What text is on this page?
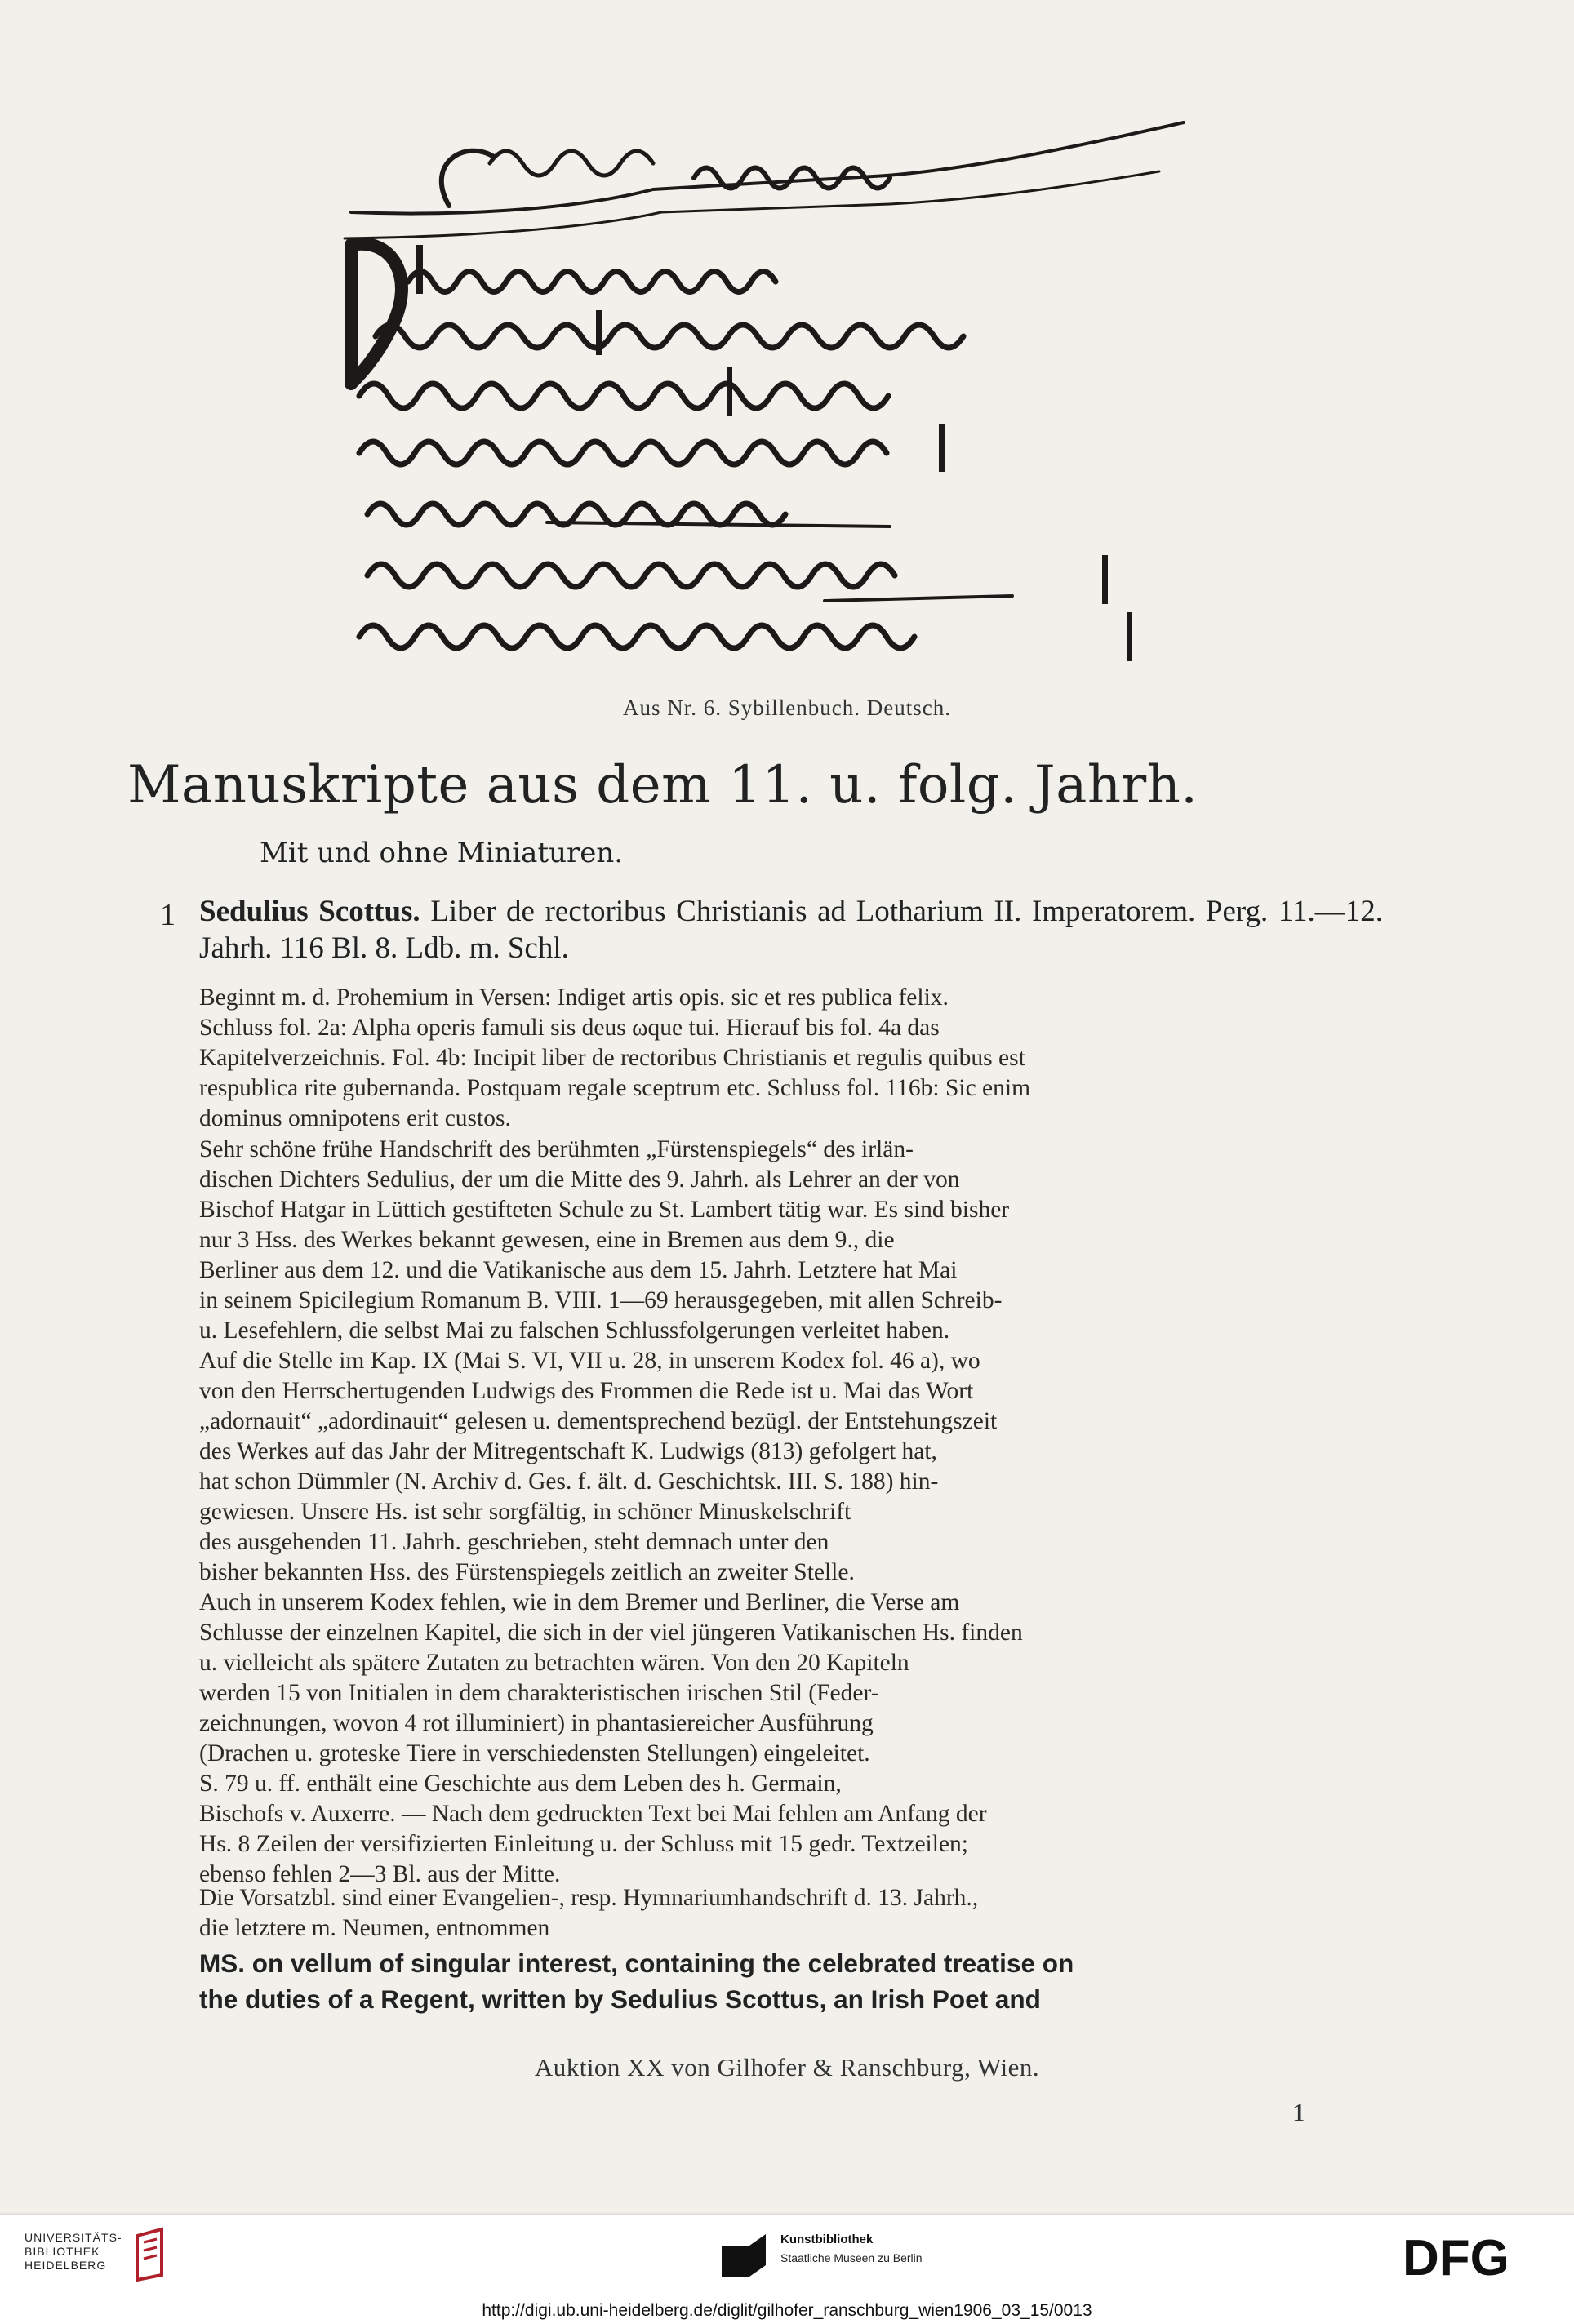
Aus Nr. 6. Sybillenbuch. Deutsch.
Manuskripte aus dem 11. u. folg. Jahrh.
Mit und ohne Miniaturen.
1 Sedulius Scottus. Liber de rectoribus Christianis ad Lotharium II. Imperatorem. Perg. 11.—12. Jahrh. 116 Bl. 8. Ldb. m. Schl.
Beginnt m. d. Prohemium in Versen: Indiget artis opis. sic et res publica felix.
Schluss fol. 2a: Alpha operis famuli sis deus ωque tui. Hierauf bis fol. 4a das
Kapitelverzeichnis. Fol. 4b: Incipit liber de rectoribus Christianis et regulis quibus est
respublica rite gubernanda. Postquam regale sceptrum etc. Schluss fol. 116b: Sic enim
dominus omnipotens erit custos.
Sehr schöne frühe Handschrift des berühmten „Fürstenspiegels“ des irlän-
dischen Dichters Sedulius, der um die Mitte des 9. Jahrh. als Lehrer an der von
Bischof Hatgar in Lüttich gestifteten Schule zu St. Lambert tätig war. Es sind bisher
nur 3 Hss. des Werkes bekannt gewesen, eine in Bremen aus dem 9., die
Berliner aus dem 12. und die Vatikanische aus dem 15. Jahrh. Letztere hat Mai
in seinem Spicilegium Romanum B. VIII. 1—69 herausgegeben, mit allen Schreib-
u. Lesefehlern, die selbst Mai zu falschen Schlussfolgerungen verleitet haben.
Auf die Stelle im Kap. IX (Mai S. VI, VII u. 28, in unserem Kodex fol. 46 a), wo
von den Herrschertugenden Ludwigs des Frommen die Rede ist u. Mai das Wort
„adornauit“ „adordinauit“ gelesen u. dementsprechend bezügl. der Entstehungszeit
des Werkes auf das Jahr der Mitregentschaft K. Ludwigs (813) gefolgert hat,
hat schon Dümmler (N. Archiv d. Ges. f. ält. d. Geschichtsk. III. S. 188) hin-
gewiesen. Unsere Hs. ist sehr sorgfältig, in schöner Minuskelschrift
des ausgehenden 11. Jahrh. geschrieben, steht demnach unter den
bisher bekannten Hss. des Fürstenspiegels zeitlich an zweiter Stelle.
Auch in unserem Kodex fehlen, wie in dem Bremer und Berliner, die Verse am
Schlusse der einzelnen Kapitel, die sich in der viel jüngeren Vatikanischen Hs. finden
u. vielleicht als spätere Zutaten zu betrachten wären. Von den 20 Kapiteln
werden 15 von Initialen in dem charakteristischen irischen Stil (Feder-
zeichnungen, wovon 4 rot illuminiert) in phantasiereicher Ausführung
(Drachen u. groteske Tiere in verschiedensten Stellungen) eingeleitet.
S. 79 u. ff. enthält eine Geschichte aus dem Leben des h. Germain,
Bischofs v. Auxerre. — Nach dem gedruckten Text bei Mai fehlen am Anfang der
Hs. 8 Zeilen der versifizierten Einleitung u. der Schluss mit 15 gedr. Textzeilen;
ebenso fehlen 2—3 Bl. aus der Mitte.
Die Vorsatzbl. sind einer Evangelien-, resp. Hymnariumhandschrift d. 13. Jahrh.,
die letztere m. Neumen, entnommen
MS. on vellum of singular interest, containing the celebrated treatise on
the duties of a Regent, written by Sedulius Scottus, an Irish Poet and
Auktion XX von Gilhofer & Ranschburg, Wien.
1
UNIVERSITÄTS-
BIBLIOTHEK
HEIDELBERG
Kunstbibliothek
Staatliche Museen zu Berlin	DFG
http://digi.ub.uni-heidelberg.de/diglit/gilhofer_ranschburg_wien1906_03_15/0013
